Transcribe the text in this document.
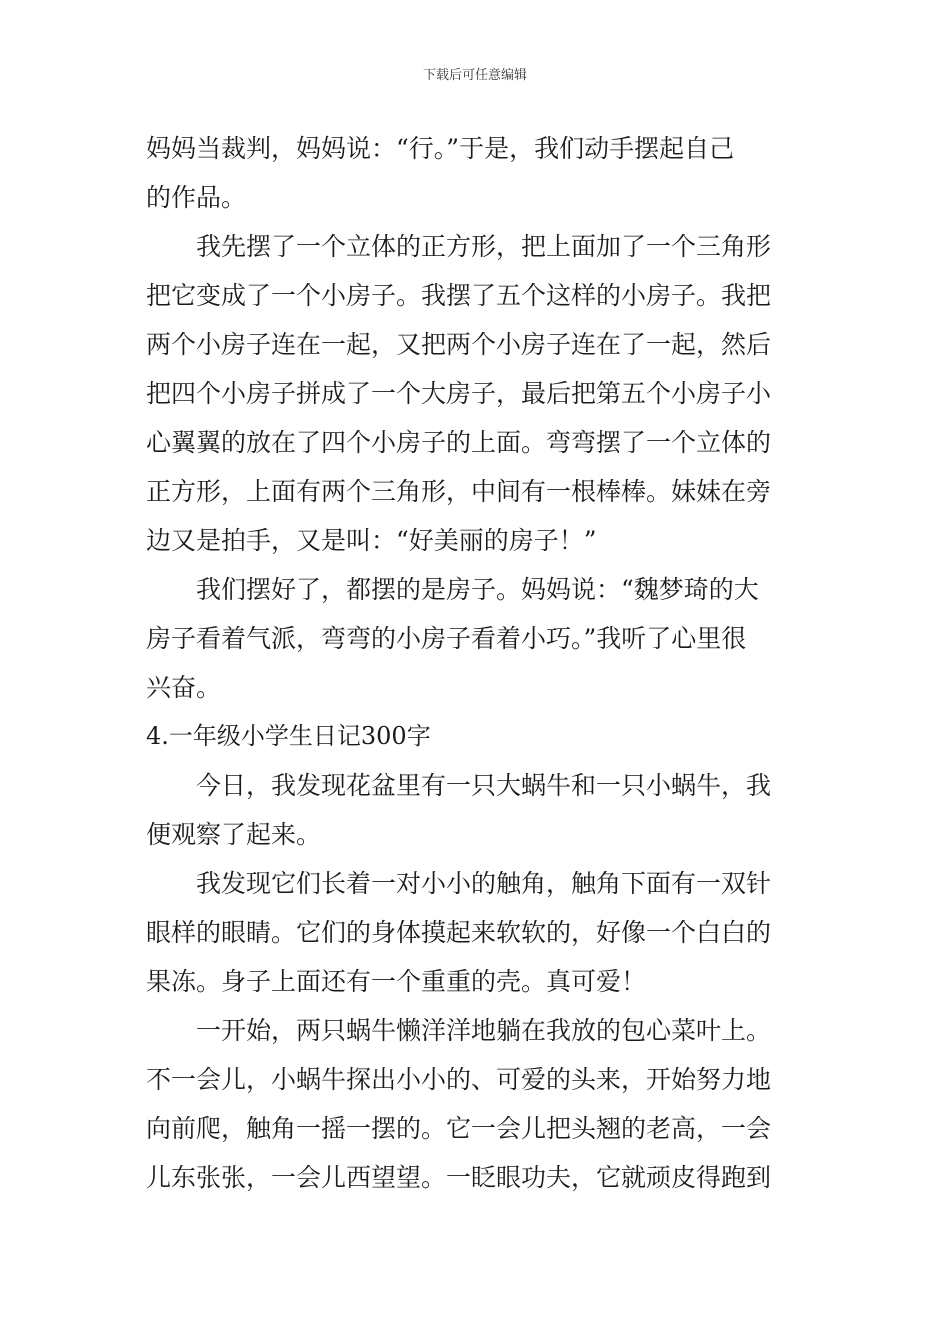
下载后可任意编辑
妈妈当裁判，妈妈说：“行。”于是，我们动手摆起自己
的作品。
我先摆了一个立体的正方形，把上面加了一个三角形
把它变成了一个小房子。我摆了五个这样的小房子。我把
两个小房子连在一起，又把两个小房子连在了一起，然后
把四个小房子拼成了一个大房子，最后把第五个小房子小
心翼翼的放在了四个小房子的上面。弯弯摆了一个立体的
正方形，上面有两个三角形，中间有一根棒棒。妹妹在旁
边又是拍手，又是叫：“好美丽的房子！”
我们摆好了，都摆的是房子。妈妈说：“魏梦琦的大
房子看着气派，弯弯的小房子看着小巧。”我听了心里很
兴奋。
4.一年级小学生日记300字
今日，我发现花盆里有一只大蜗牛和一只小蜗牛，我
便观察了起来。
我发现它们长着一对小小的触角，触角下面有一双针
眼样的眼睛。它们的身体摸起来软软的，好像一个白白的
果冻。身子上面还有一个重重的壳。真可爱！
一开始，两只蜗牛懒洋洋地躺在我放的包心菜叶上。
不一会儿，小蜗牛探出小小的、可爱的头来，开始努力地
向前爬，触角一摇一摆的。它一会儿把头翘的老高，一会
儿东张张，一会儿西望望。一眨眼功夫，它就顽皮得跑到
